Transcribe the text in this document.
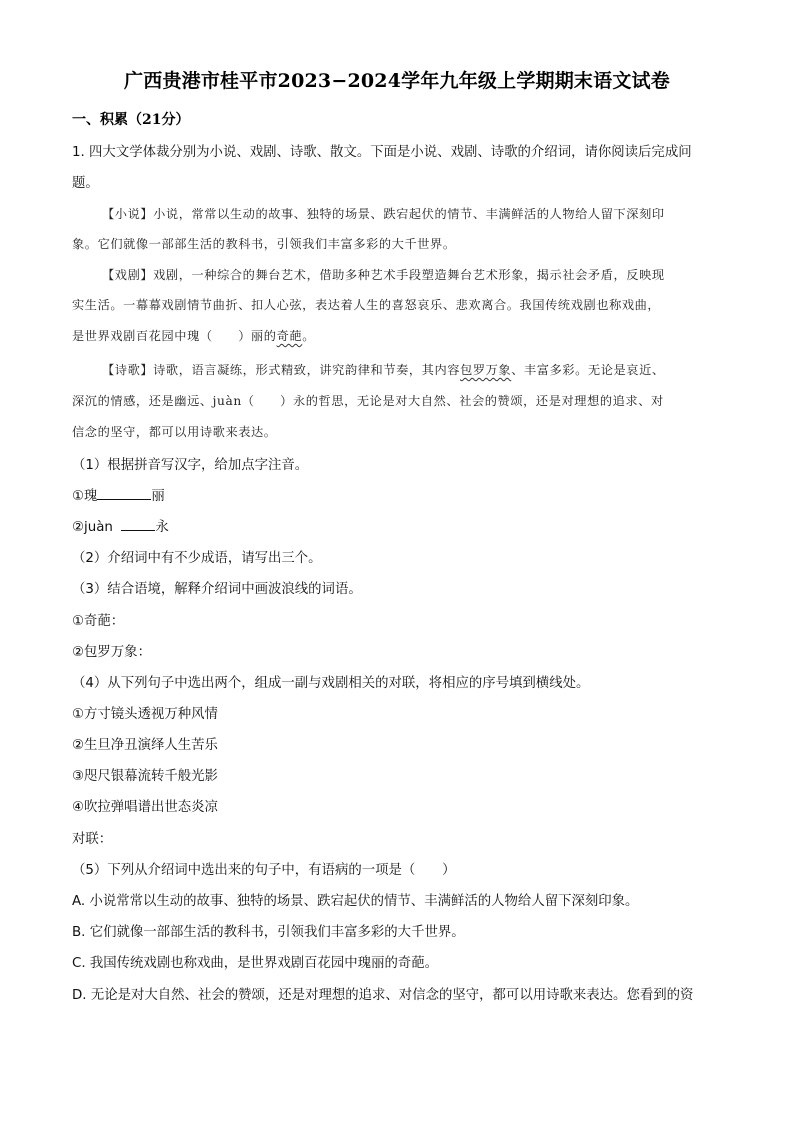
广西贵港市桂平市2023−2024学年九年级上学期期末语文试卷
一、积累（21分）
1. 四大文学体裁分别为小说、戏剧、诗歌、散文。下面是小说、戏剧、诗歌的介绍词，请你阅读后完成问
题。
【小说】小说，常常以生动的故事、独特的场景、跌宕起伏的情节、丰满鲜活的人物给人留下深刻印
象。它们就像一部部生活的教科书，引领我们丰富多彩的大千世界。
【戏剧】戏剧，一种综合的舞台艺术，借助多种艺术手段塑造舞台艺术形象，揭示社会矛盾，反映现
实生活。一幕幕戏剧情节曲折、扣人心弦，表达着人生的喜怒哀乐、悲欢离合。我国传统戏剧也称戏曲，
是世界戏剧百花园中瑰（　　）丽的奇葩。
【诗歌】诗歌，语言凝练，形式精致，讲究韵律和节奏，其内容包罗万象、丰富多彩。无论是哀近、
深沉的情感，还是幽远、juàn（　　）永的哲思，无论是对大自然、社会的赞颂，还是对理想的追求、对
信念的坚守，都可以用诗歌来表达。
（1）根据拼音写汉字，给加点字注音。
①瑰	丽
②juàn	永
（2）介绍词中有不少成语，请写出三个。
（3）结合语境，解释介绍词中画波浪线的词语。
①奇葩：
②包罗万象：
（4）从下列句子中选出两个，组成一副与戏剧相关的对联，将相应的序号填到横线处。
①方寸镜头透视万种风情
②生旦净丑演绎人生苦乐
③咫尺银幕流转千般光影
④吹拉弹唱谱出世态炎凉
对联：
（5）下列从介绍词中选出来的句子中，有语病的一项是（　　）
A. 小说常常以生动的故事、独特的场景、跌宕起伏的情节、丰满鲜活的人物给人留下深刻印象。
B. 它们就像一部部生活的教科书，引领我们丰富多彩的大千世界。
C. 我国传统戏剧也称戏曲，是世界戏剧百花园中瑰丽的奇葩。
D. 无论是对大自然、社会的赞颂，还是对理想的追求、对信念的坚守，都可以用诗歌来表达。您看到的资
